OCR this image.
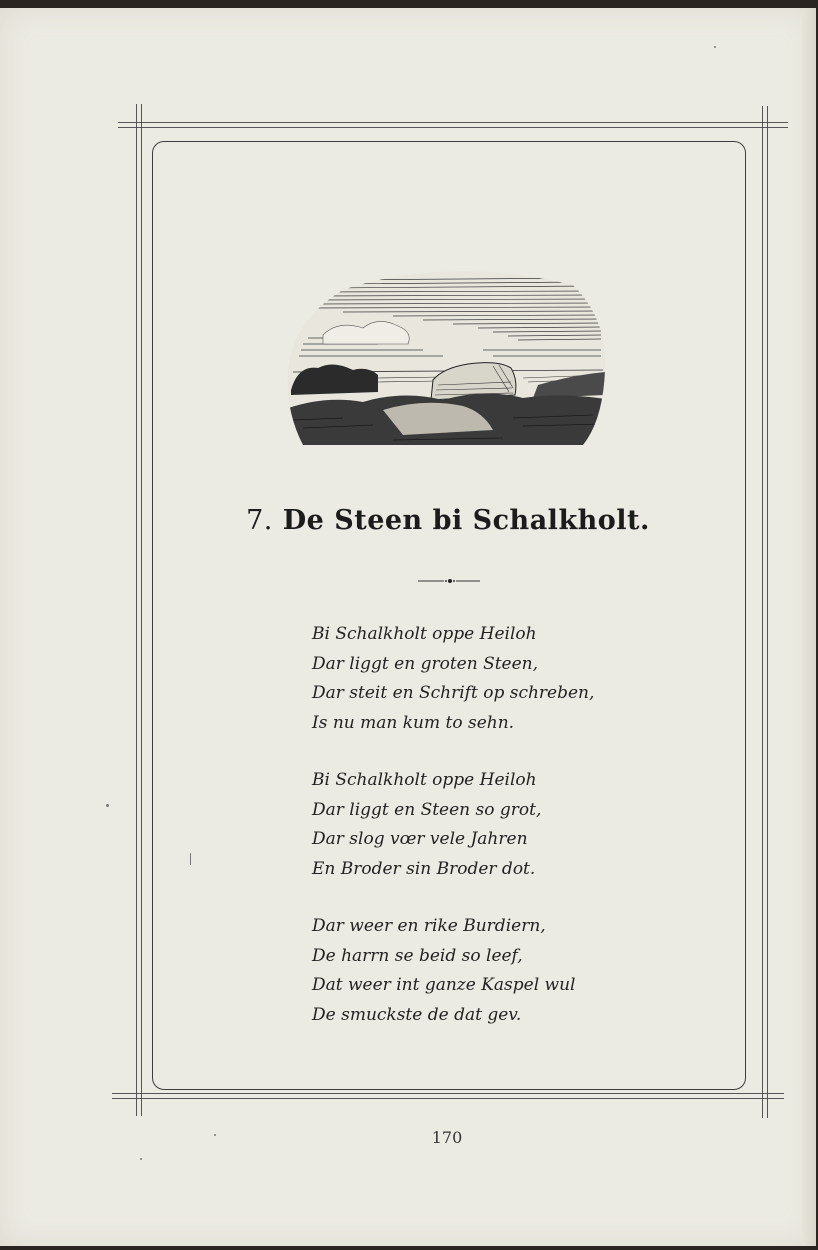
7. De Steen bi Schalkholt.
Bi Schalkholt oppe Heiloh
Dar liggt en groten Steen,
Dar steit en Schrift op schreben,
Is nu man kum to sehn.
Bi Schalkholt oppe Heiloh
Dar liggt en Steen so grot,
Dar slog vœr vele Jahren
En Broder sin Broder dot.
Dar weer en rike Burdiern,
De harrn se beid so leef,
Dat weer int ganze Kaspel wul
De smuckste de dat gev.
170
